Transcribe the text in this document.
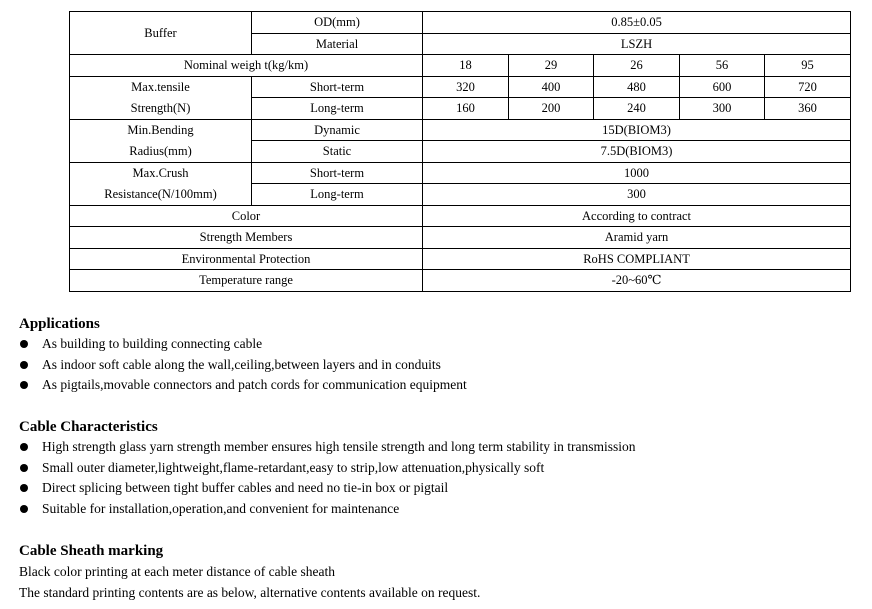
Buffer	OD(mm)	0.85±0.05				
	Material	LSZH				
Nominal weigh t(kg/km)		18	29	26	56	95
Max.tensile
Strength(N)	Short-term	320	400	480	600	720
	Long-term	160	200	240	300	360
Min.Bending
Radius(mm)	Dynamic	15D(BIOM3)				
	Static	7.5D(BIOM3)				
Max.Crush
Resistance(N/100mm)	Short-term	1000				
	Long-term	300				
Color		According to contract				
Strength Members		Aramid yarn				
Environmental Protection		RoHS COMPLIANT				
Temperature range		-20~60℃				
Applications
As building to building connecting cable
As indoor soft cable along the wall,ceiling,between layers and in conduits
As pigtails,movable connectors and patch cords for communication equipment
Cable Characteristics
High strength glass yarn strength member ensures high tensile strength and long term stability in transmission
Small outer diameter,lightweight,flame-retardant,easy to strip,low attenuation,physically soft
Direct splicing between tight buffer cables and need no tie-in box or pigtail
Suitable for installation,operation,and convenient for maintenance
Cable Sheath marking

Black color printing at each meter distance of cable sheath

The standard printing contents are as below, alternative contents available on request.
